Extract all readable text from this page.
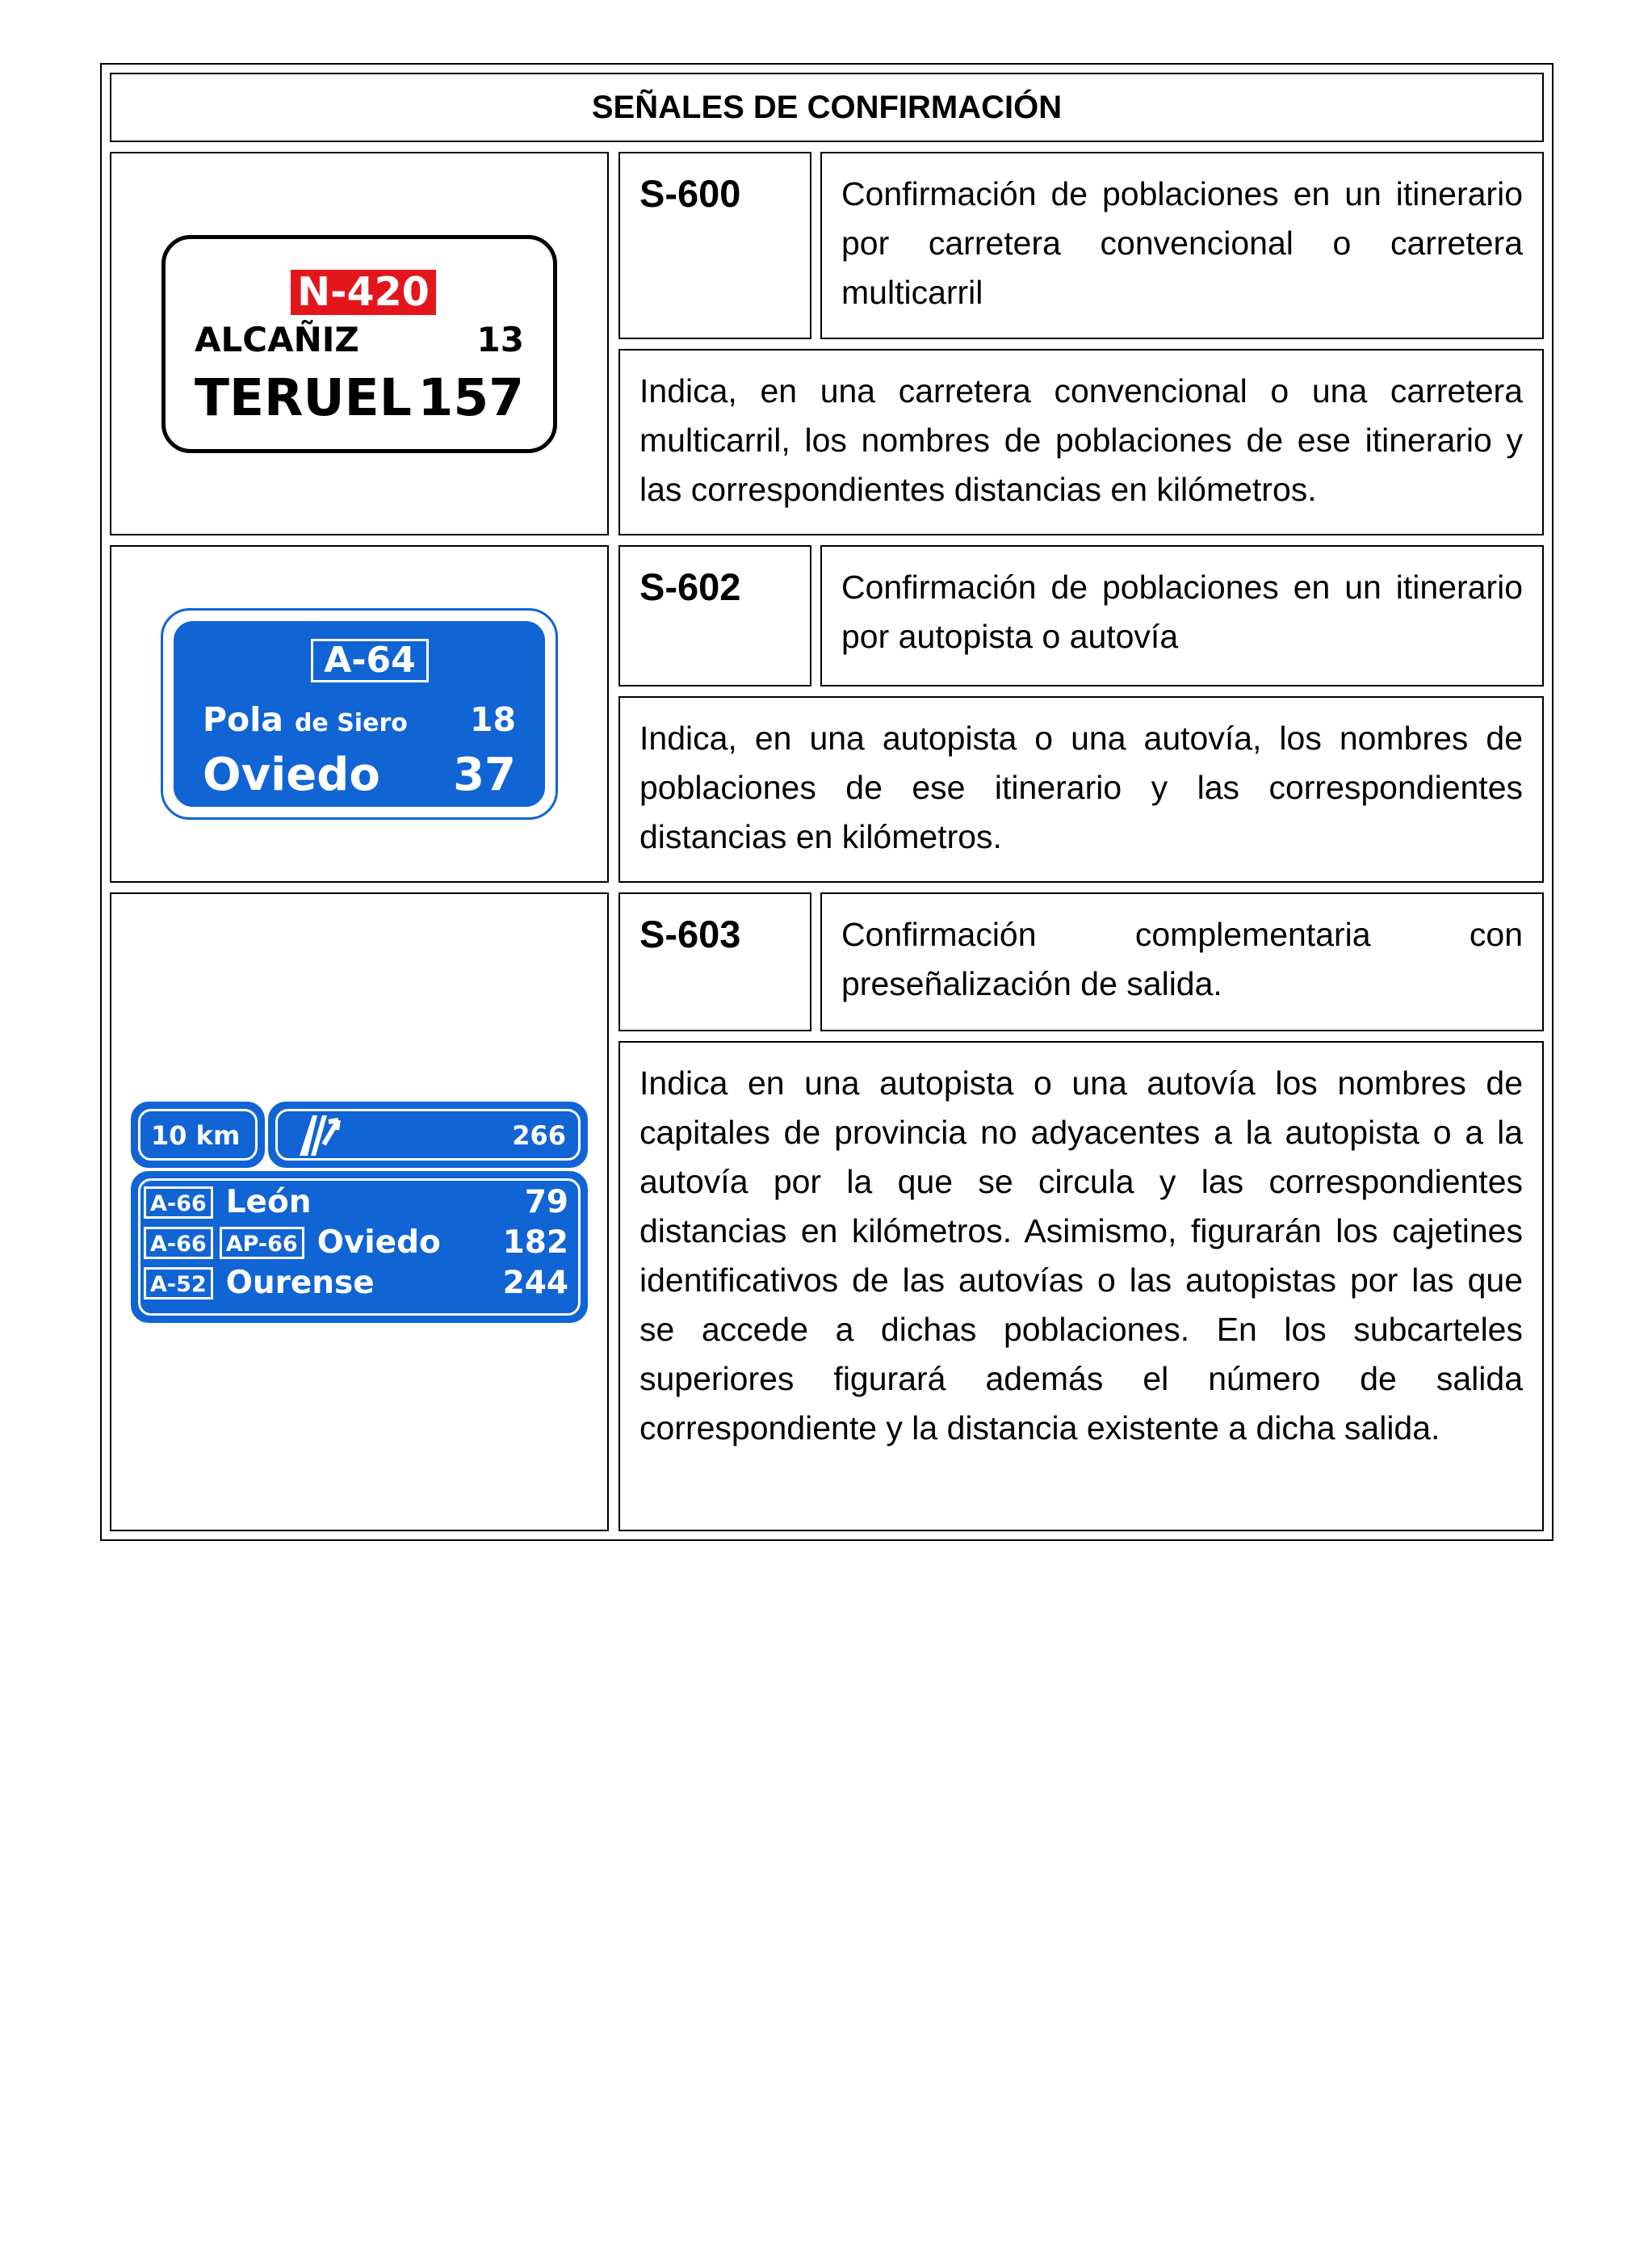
SEÑALES DE CONFIRMACIÓN
N-420
ALCAÑIZ	13
TERUEL 157
S-600	Confirmación de poblaciones en un itinerario por carretera convencional o carretera multicarril
Indica, en una carretera convencional o una carretera multicarril, los nombres de poblaciones de ese itinerario y las correspondientes distancias en kilómetros.
A-64
Pola de Siero 18
Oviedo 37
S-602	Confirmación de poblaciones en un itinerario por autopista o autovía
Indica, en una autopista o una autovía, los nombres de poblaciones de ese itinerario y las correspondientes distancias en kilómetros.
10 km	266
A-66 León	79
A-66 AP-66 Oviedo	182
A-52 Ourense	244
S-603	Confirmación complementaria con preseñalización de salida.
Indica en una autopista o una autovía los nombres de capitales de provincia no adyacentes a la autopista o a la autovía por la que se circula y las correspondientes distancias en kilómetros. Asimismo, figurarán los cajetines identificativos de las autovías o las autopistas por las que se accede a dichas poblaciones. En los subcarteles superiores figurará además el número de salida correspondiente y la distancia existente a dicha salida.
